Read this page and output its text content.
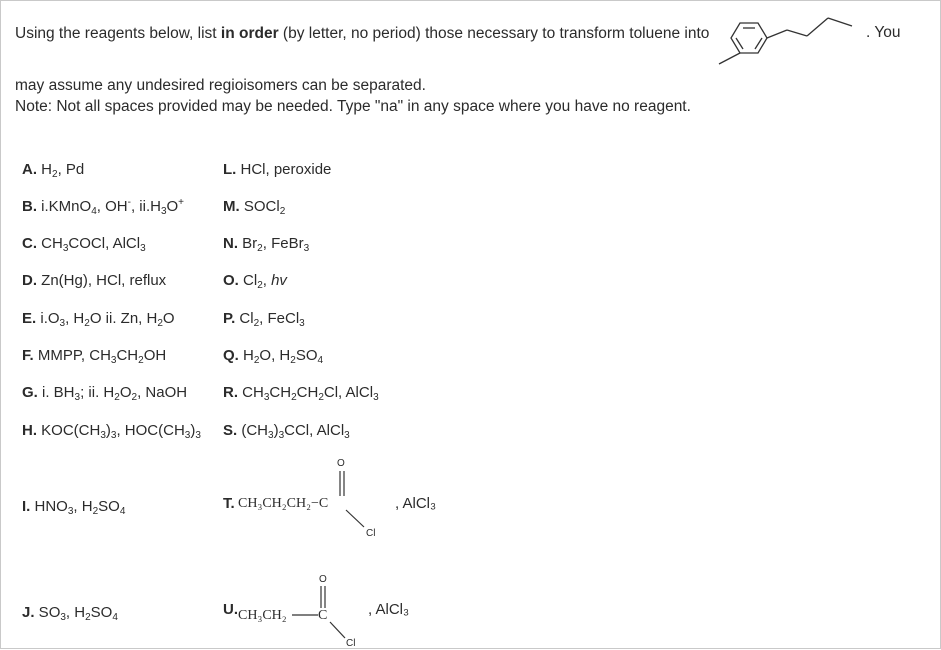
Using the reagents below, list in order (by letter, no period) those necessary to transform toluene into	. You
may assume any undesired regioisomers can be separated.
Note: Not all spaces provided may be needed. Type "na" in any space where you have no reagent.
T. CH₃CH₂CH₂−C
O
Cl
, AlCl₃
U. CH₃CH₂ C
O
Cl
, AlCl₃
A. $H_2$, Pd
B. i.KMnO$_4$, OH-, $ii.H_3O^+$
C. $CH_3COCl$, AlCl$_3$
D. Zn(Hg), HCl, reflux
E. $i.O_3$, $H_2O$ ii. Zn, $H_2O$
F. MMPP, $CH_3CH_2OH$
G. i. $BH_3$; ii. $H_2O_2$, NaOH
H. $KOC(CH_3)_3$, $HOC(CH_3)_3$
I. $HNO_3$, $H_2SO_4$
J. $SO_3$, $H_2SO_4$
L. HCl, peroxide
M. SOCl$_2$
N. $Br_2$, FeBr$_3$
O. $Cl_2$, hv
P. $Cl_2$, FeCl$_3$
Q. $H_2O$, $H_2SO_4$
R. $CH_3CH_2CH_2Cl$, AlCl$_3$
S. $(CH_3)_3CCl$, AlCl$_3$
